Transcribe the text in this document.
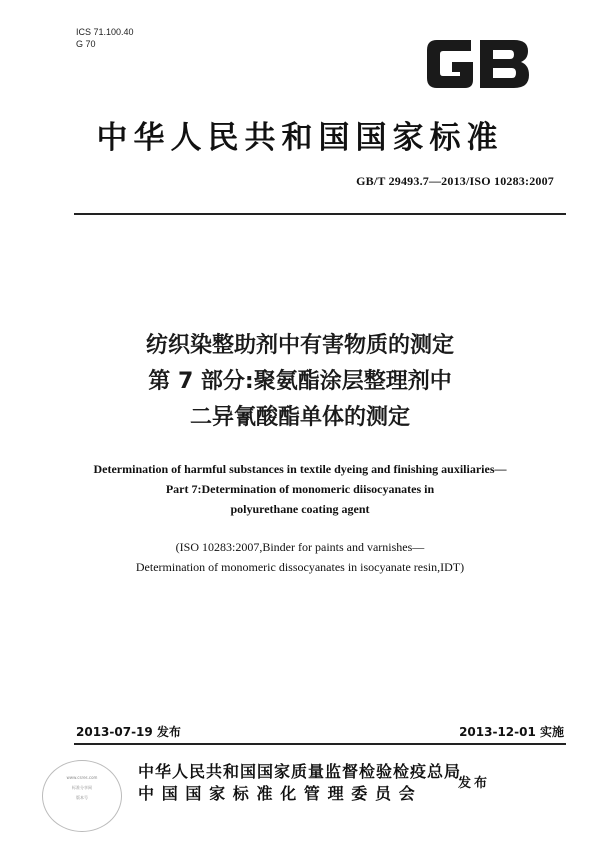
ICS 71.100.40
G 70
中华人民共和国国家标准
GB/T 29493.7—2013/ISO 10283:2007
纺织染整助剂中有害物质的测定
第 7 部分:聚氨酯涂层整理剂中
二异氰酸酯单体的测定
Determination of harmful substances in textile dyeing and finishing auxiliaries—
Part 7:Determination of monomeric diisocyanates in
polyurethane coating agent
(ISO 10283:2007,Binder for paints and varnishes—
Determination of monomeric dissocyanates in isocyanate resin,IDT)
2013-07-19 发布	2013-12-01 实施
www.csres.com
标准分享网
版本号
中华人民共和国国家质量监督检验检疫总局
中国国家标准化管理委员会
发布
